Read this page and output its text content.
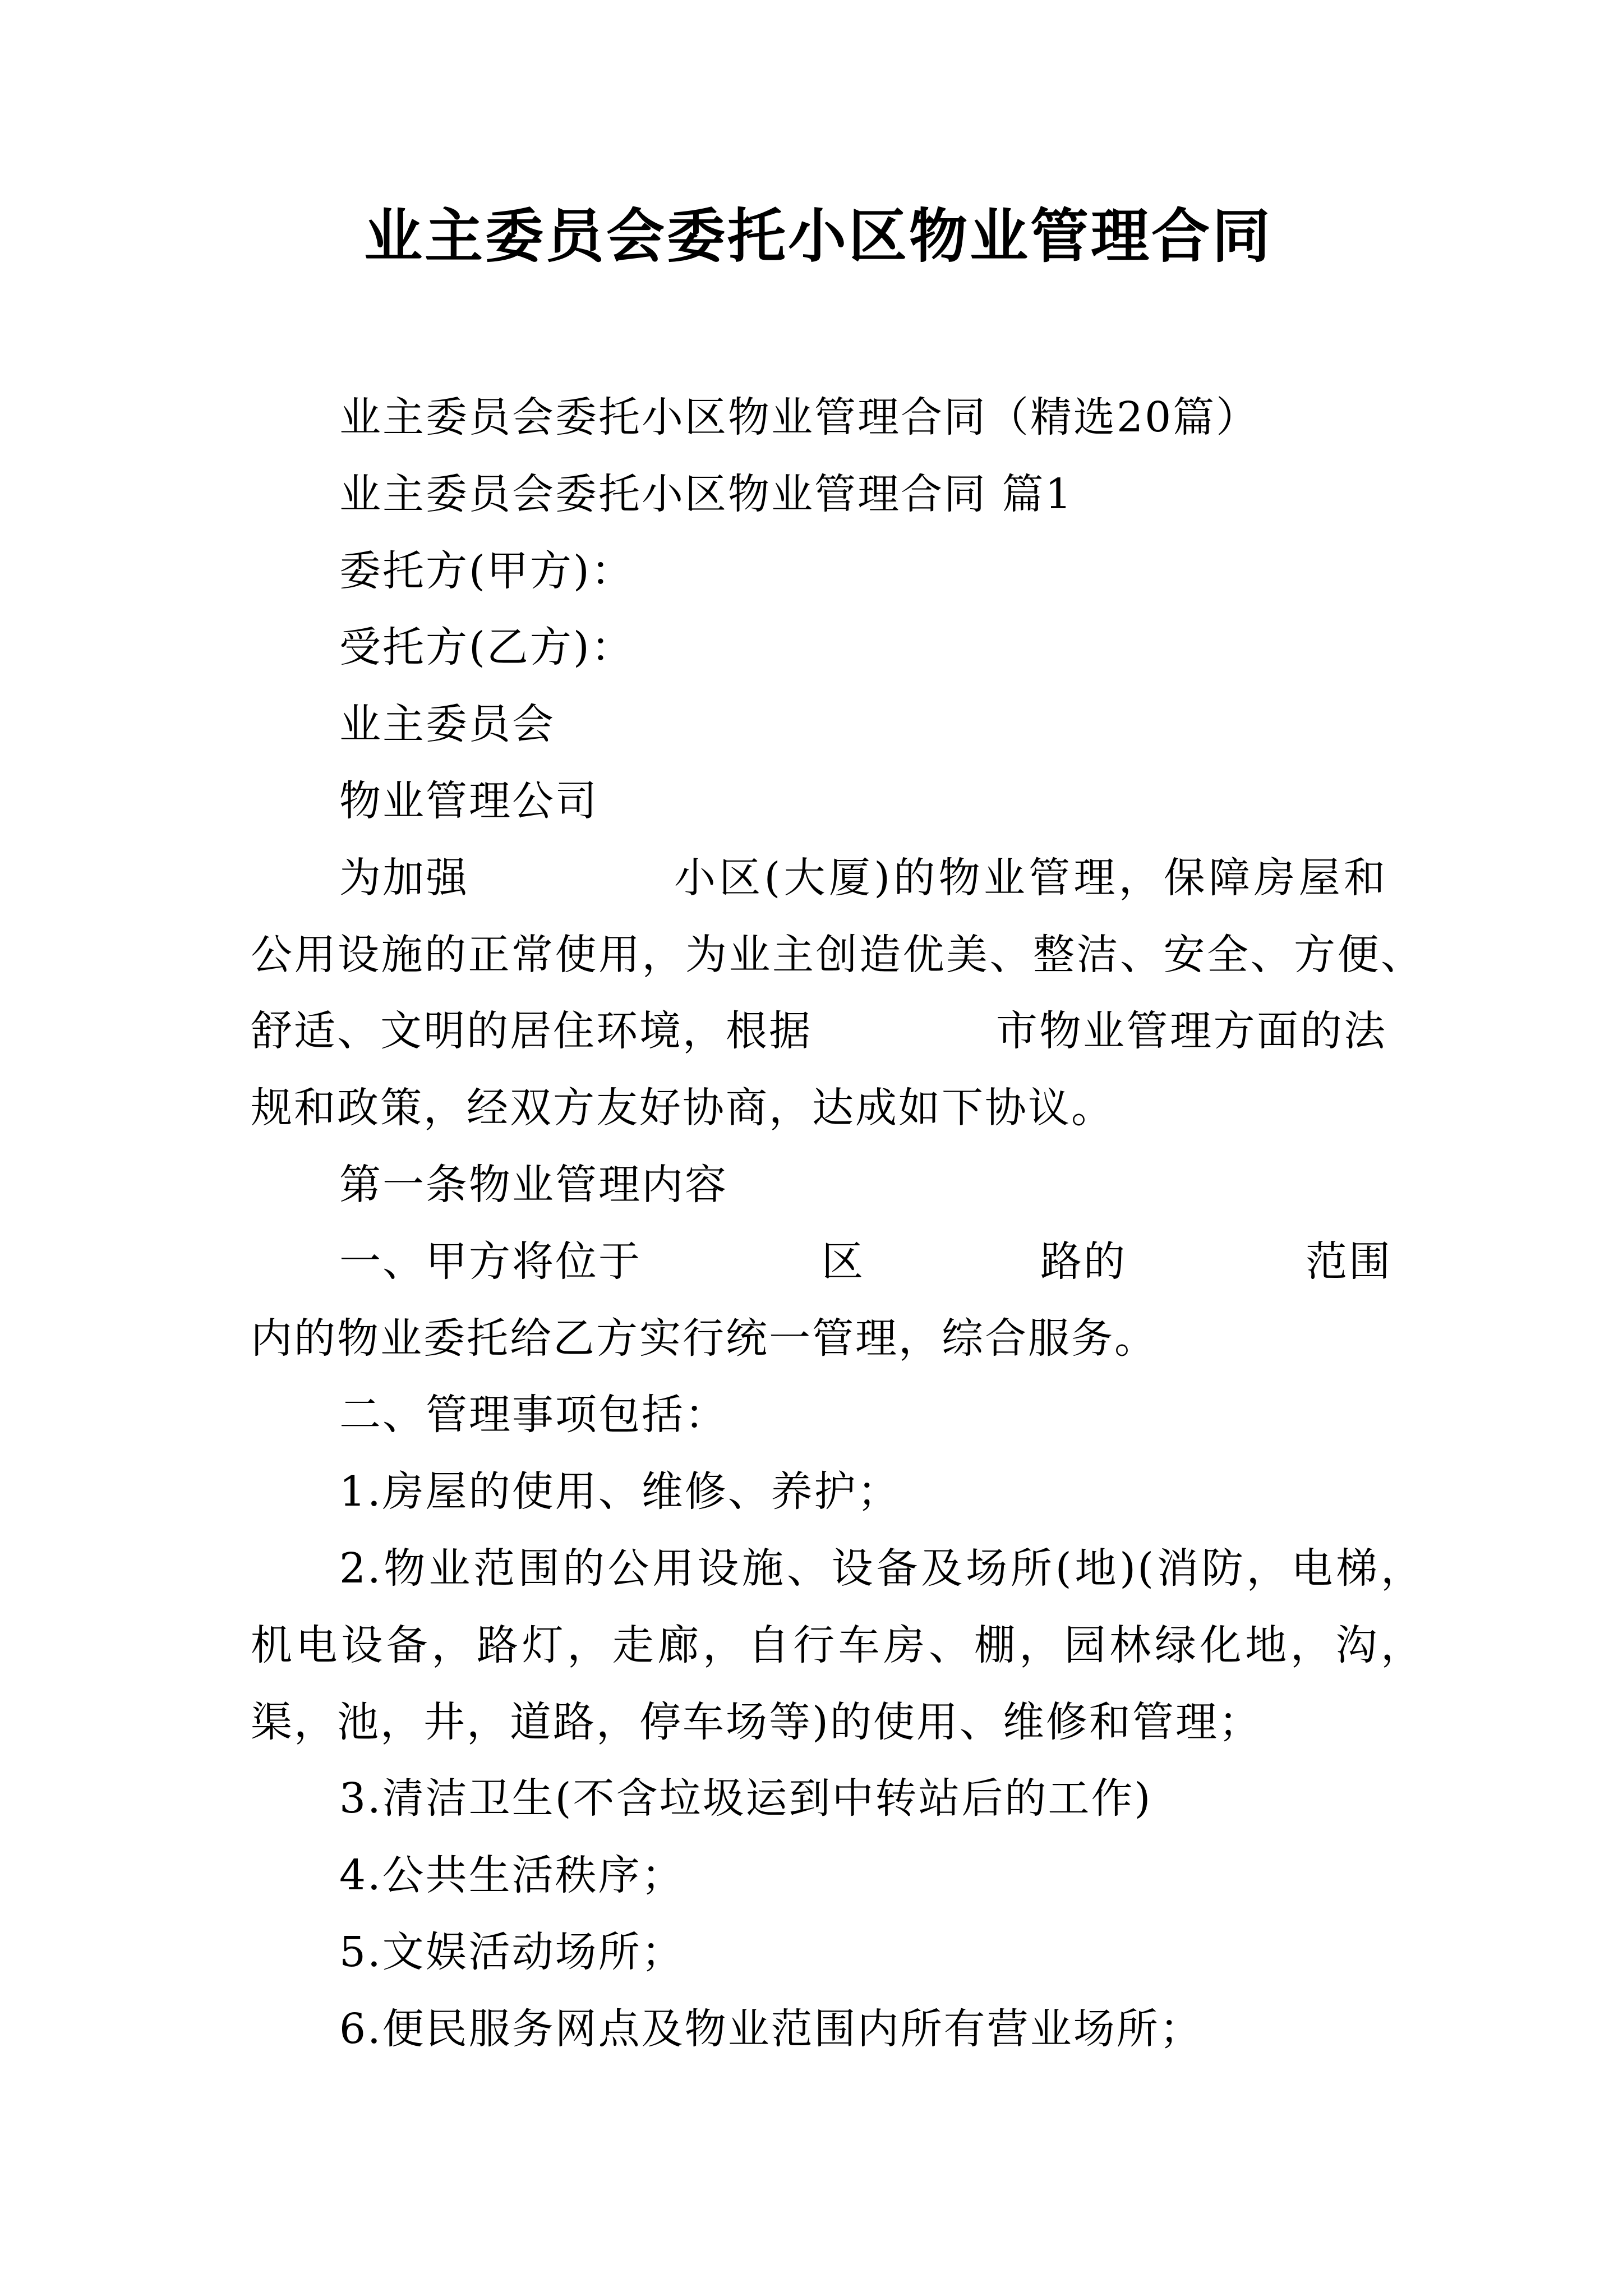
业主委员会委托小区物业管理合同
业主委员会委托小区物业管理合同（精选20篇）
业主委员会委托小区物业管理合同 篇1
委托方(甲方)：
受托方(乙方)：
业主委员会
物业管理公司
为加强	小区(大厦)的物业管理，保障房屋和
公用设施的正常使用，为业主创造优美、整洁、安全、方便、
舒适、文明的居住环境，根据	市物业管理方面的法
规和政策，经双方友好协商，达成如下协议。
第一条物业管理内容
一、甲方将位于	区	路的	范围
内的物业委托给乙方实行统一管理，综合服务。
二、管理事项包括：
1.房屋的使用、维修、养护；
2.物业范围的公用设施、设备及场所(地)(消防，电梯，
机电设备，路灯，走廊，自行车房、棚，园林绿化地，沟，
渠，池，井，道路，停车场等)的使用、维修和管理；
3.清洁卫生(不含垃圾运到中转站后的工作)
4.公共生活秩序；
5.文娱活动场所；
6.便民服务网点及物业范围内所有营业场所；
